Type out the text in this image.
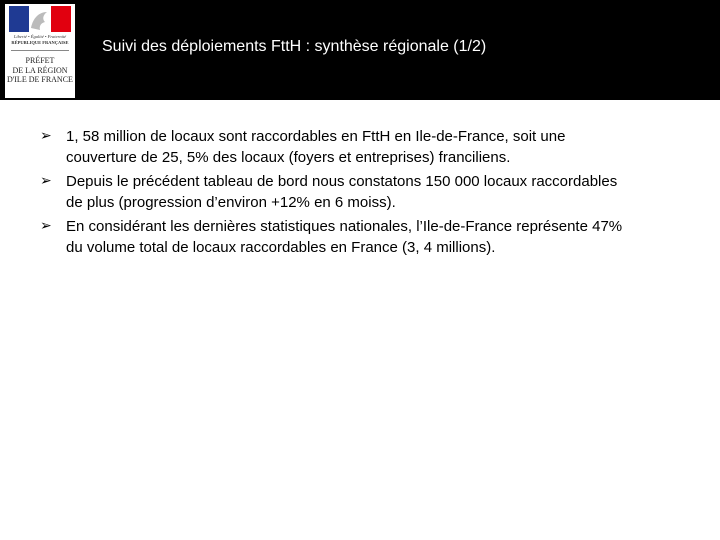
Liberté • Égalité • Fraternité
RÉPUBLIQUE FRANÇAISE
PRÉFET
DE LA RÉGION
D'ILE DE FRANCE
Suivi des déploiements FttH : synthèse régionale (1/2)
➢ 1, 58 million de locaux sont raccordables en FttH en Ile-de-France, soit une
couverture de 25, 5% des locaux (foyers et entreprises) franciliens.
➢ Depuis le précédent tableau de bord nous constatons 150 000 locaux raccordables
de plus (progression d’environ +12% en 6 moiss).
➢ En considérant les dernières statistiques nationales, l’Ile-de-France représente 47%
du volume total de locaux raccordables en France (3, 4 millions).
